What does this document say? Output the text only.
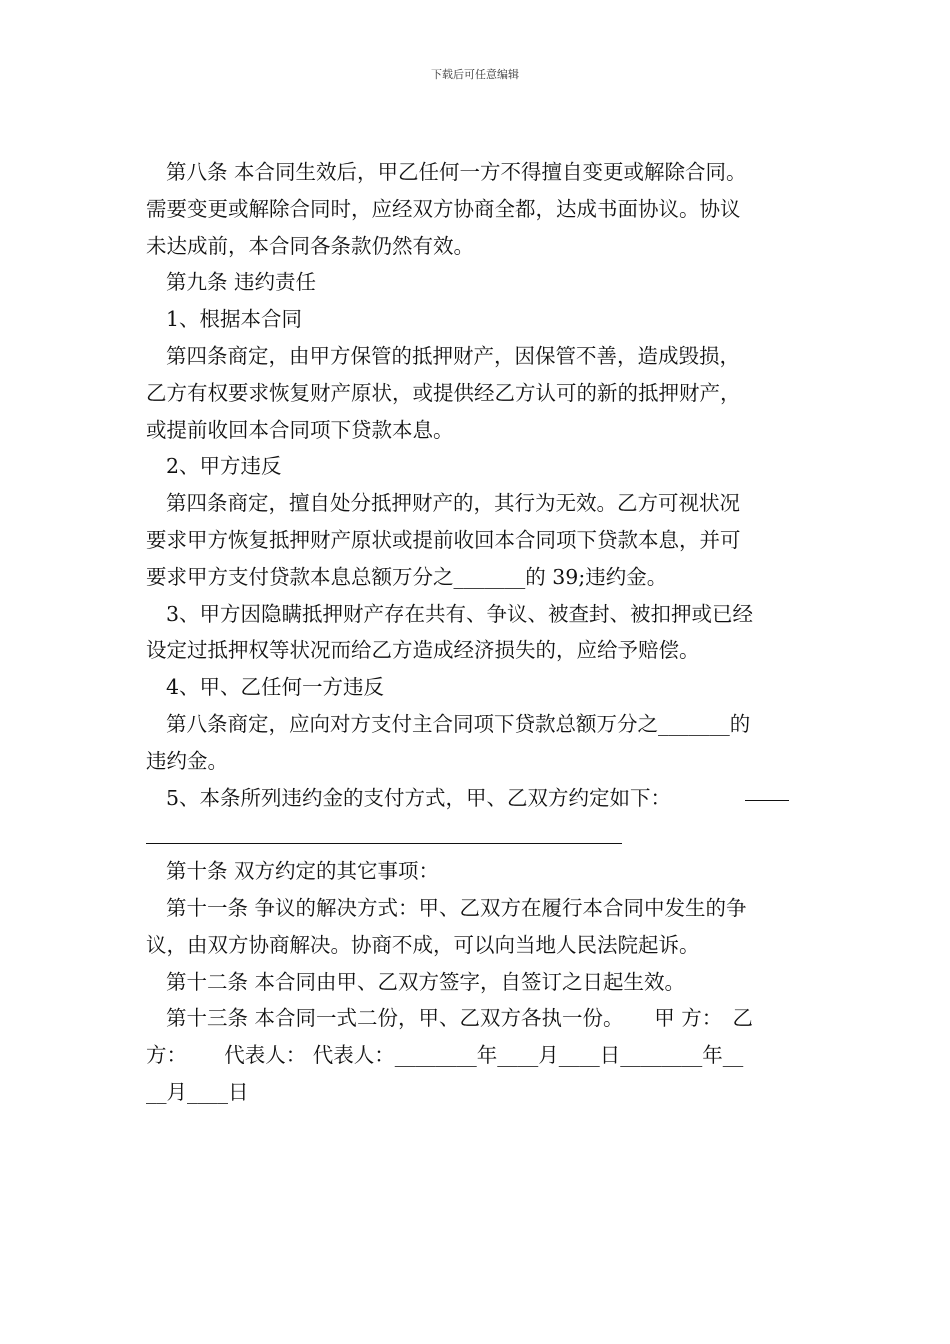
下载后可任意编辑

第八条 本合同生效后，甲乙任何一方不得擅自变更或解除合同。

需要变更或解除合同时，应经双方协商全都，达成书面协议。协议

未达成前，本合同各条款仍然有效。

第九条 违约责任

1、根据本合同

第四条商定，由甲方保管的抵押财产，因保管不善，造成毁损，

乙方有权要求恢复财产原状，或提供经乙方认可的新的抵押财产，

或提前收回本合同项下贷款本息。

2、甲方违反

第四条商定，擅自处分抵押财产的，其行为无效。乙方可视状况

要求甲方恢复抵押财产原状或提前收回本合同项下贷款本息，并可

要求甲方支付贷款本息总额万分之_______的 39;违约金。

3、甲方因隐瞒抵押财产存在共有、争议、被查封、被扣押或已经

设定过抵押权等状况而给乙方造成经济损失的，应给予赔偿。

4、甲、乙任何一方违反

第八条商定，应向对方支付主合同项下贷款总额万分之_______的

违约金。

5、本条所列违约金的支付方式，甲、乙双方约定如下：

第十条 双方约定的其它事项：

第十一条 争议的解决方式：甲、乙双方在履行本合同中发生的争

议，由双方协商解决。协商不成，可以向当地人民法院起诉。

第十二条 本合同由甲、乙双方签字，自签订之日起生效。

第十三条 本合同一式二份，甲、乙双方各执一份。　　甲 方：　乙

方：　　 代表人： 代表人：________年____月____日________年__

__月____日
